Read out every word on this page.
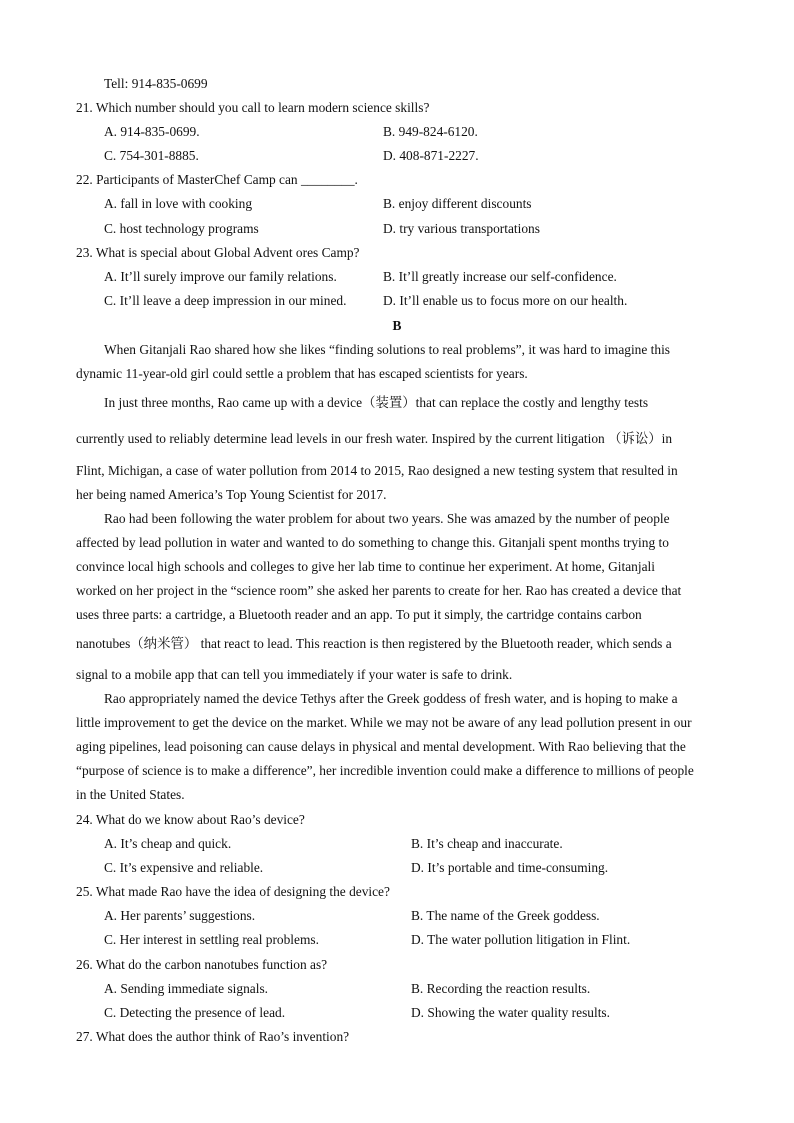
Tell: 914-835-0699
21. Which number should you call to learn modern science skills?
A. 914-835-0699.	B. 949-824-6120.
C. 754-301-8885.	D. 408-871-2227.
22. Participants of MasterChef Camp can ________.
A. fall in love with cooking	B. enjoy different discounts
C. host technology programs	D. try various transportations
23. What is special about Global Advent ores Camp?
A. It’ll surely improve our family relations.	B. It’ll greatly increase our self-confidence.
C. It’ll leave a deep impression in our mined.	D. It’ll enable us to focus more on our health.
B
When Gitanjali Rao shared how she likes “finding solutions to real problems”, it was hard to imagine this
dynamic 11-year-old girl could settle a problem that has escaped scientists for years.
In just three months, Rao came up with a device（装置）that can replace the costly and lengthy tests
currently used to reliably determine lead levels in our fresh water. Inspired by the current litigation （诉讼）in
Flint, Michigan, a case of water pollution from 2014 to 2015, Rao designed a new testing system that resulted in
her being named America’s Top Young Scientist for 2017.
Rao had been following the water problem for about two years. She was amazed by the number of people
affected by lead pollution in water and wanted to do something to change this. Gitanjali spent months trying to
convince local high schools and colleges to give her lab time to continue her experiment. At home, Gitanjali
worked on her project in the “science room” she asked her parents to create for her. Rao has created a device that
uses three parts: a cartridge, a Bluetooth reader and an app. To put it simply, the cartridge contains carbon
nanotubes（纳米管） that react to lead. This reaction is then registered by the Bluetooth reader, which sends a
signal to a mobile app that can tell you immediately if your water is safe to drink.
Rao appropriately named the device Tethys after the Greek goddess of fresh water, and is hoping to make a
little improvement to get the device on the market. While we may not be aware of any lead pollution present in our
aging pipelines, lead poisoning can cause delays in physical and mental development. With Rao believing that the
“purpose of science is to make a difference”, her incredible invention could make a difference to millions of people
in the United States.
24. What do we know about Rao’s device?
A. It’s cheap and quick.	B. It’s cheap and inaccurate.
C. It’s expensive and reliable.	D. It’s portable and time-consuming.
25. What made Rao have the idea of designing the device?
A. Her parents’ suggestions.	B. The name of the Greek goddess.
C. Her interest in settling real problems.	D. The water pollution litigation in Flint.
26. What do the carbon nanotubes function as?
A. Sending immediate signals.	B. Recording the reaction results.
C. Detecting the presence of lead.	D. Showing the water quality results.
27. What does the author think of Rao’s invention?
